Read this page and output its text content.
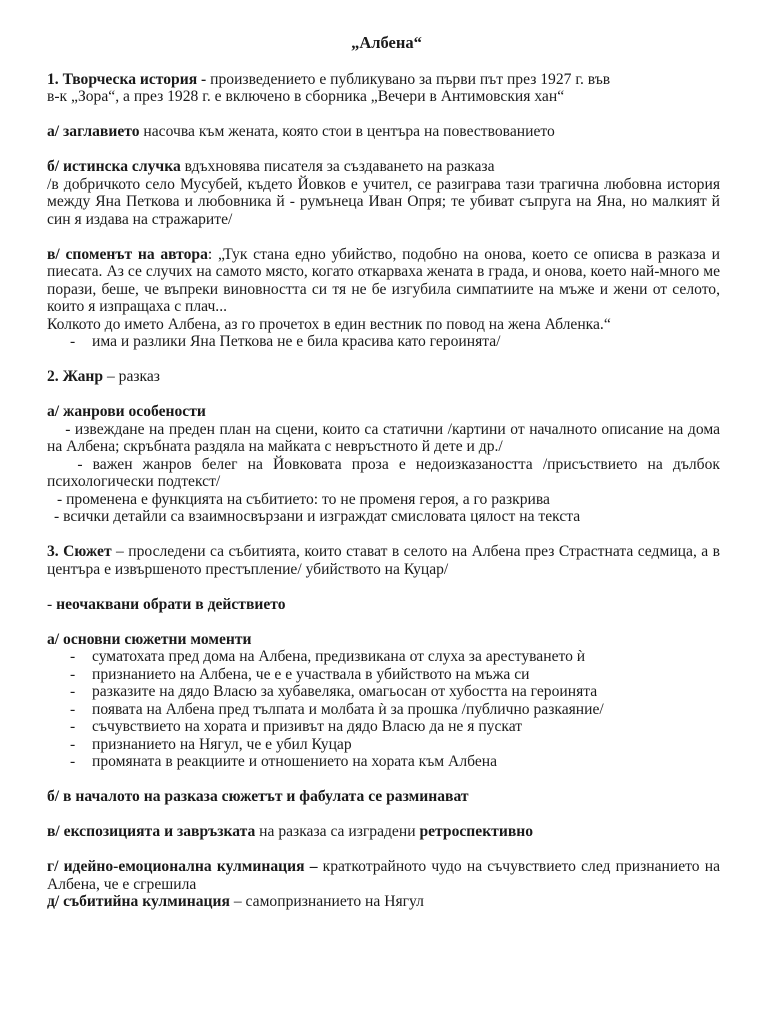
„Албена“

1. Творческа история - произведението е публикувано за първи път през 1927 г. във

в-к „Зора“, а през 1928 г. е включено в сборника „Вечери в Антимовския хан“

а/ заглавието насочва към жената, която стои в центъра на повествованието

б/ истинска случка вдъхновява писателя за създаването на разказа

/в добричкото село Мусубей, където Йовков е учител, се разиграва тази трагична любовна история между Яна Петкова и любовника й - румънеца Иван Опря; те убиват съпруга на Яна, но малкият й син я издава на стражарите/

в/ спомeнът на автора: „Тук стана едно убийство, подобно на онова, което се описва в разказа и пиесата. Аз се случих на самото място, когато откарваха жената в града, и онова, което най-много ме порази, беше, че въпреки виновността си тя не бе изгубила симпатиите на мъже и жени от селото, които я изпращаха с плач...

Колкото до името Албена, аз го прочетох в един вестник по повод на жена Абленка.“

- има и разлики Яна Петкова не е била красива като героинята/

2. Жанр – разказ

а/ жанрови особености

- извеждане на преден план на сцени, които са статични /картини от началното описание на дома на Албена; скръбната раздяла на майката с невръстното й дете и др./

- важен жанров белег на Йовковата проза е недоизказаността /присъствието на дълбок психологически подтекст/

- променена е функцията на събитието: то не променя героя, а го разкрива

- всички детайли са взаимносвързани и изграждат смисловата цялост на текста

3. Сюжет – проследени са събитията, които стават в селото на Албена през Страстната седмица, а в центъра е извършеното престъпление/ убийството на Куцар/

- неочаквани обрати в действието

а/ основни сюжетни моменти

- суматохата пред дома на Албена, предизвикана от слуха за арестуването ѝ
- признанието на Албена, че е е участвала в убийството на мъжа си
- разказите на дядо Власю за хубавеляка, омагьосан от хубостта на героинята
- появата на Албена пред тълпата и молбата ѝ за прошка /публично разкаяние/
- съчувствието на хората и призивът на дядо Власю да не я пускат
- признанието на Нягул, че е убил Куцар
- промяната в реакциите и отношението на хората към Албена

б/ в началото на разказа сюжетът и фабулата се разминават

в/ експозицията и завръзката на разказа са изградени ретроспективно

г/ идейно-емоционална кулминация – краткотрайното чудо на съчувствието след признанието на Албена, че е сгрешила

д/ събитийна кулминация – самопризнанието на Нягул
